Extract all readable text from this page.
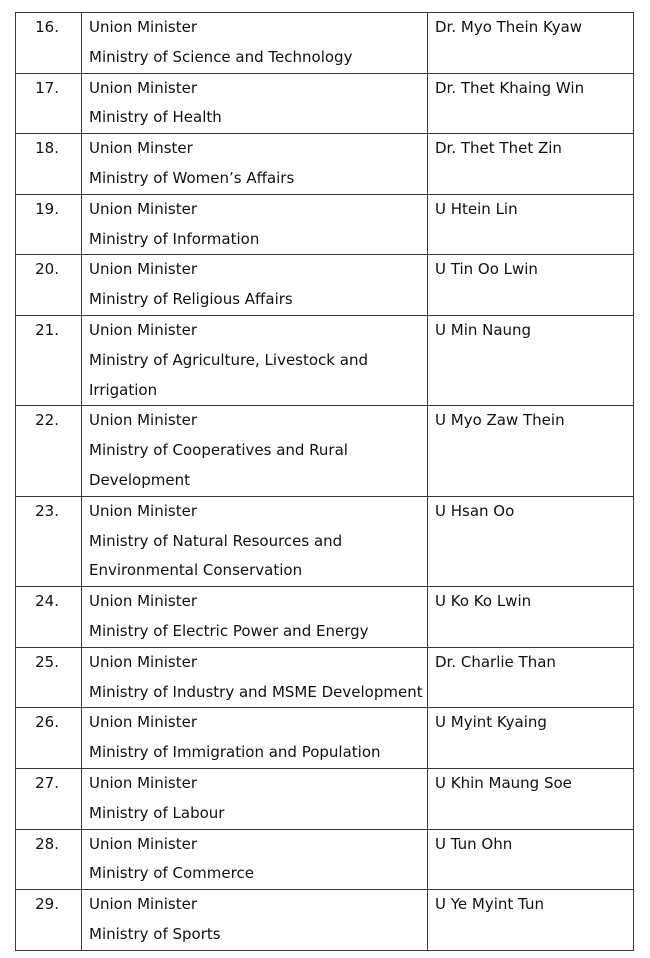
16.	Union Minister
Ministry of Science and Technology	Dr. Myo Thein Kyaw
17.	Union Minister
Ministry of Health	Dr. Thet Khaing Win
18.	Union Minster
Ministry of Women’s Affairs	Dr. Thet Thet Zin
19.	Union Minister
Ministry of Information	U Htein Lin
20.	Union Minister
Ministry of Religious Affairs	U Tin Oo Lwin
21.	Union Minister
Ministry of Agriculture, Livestock and
Irrigation	U Min Naung
22.	Union Minister
Ministry of Cooperatives and Rural
Development	U Myo Zaw Thein
23.	Union Minister
Ministry of Natural Resources and
Environmental Conservation	U Hsan Oo
24.	Union Minister
Ministry of Electric Power and Energy	U Ko Ko Lwin
25.	Union Minister
Ministry of Industry and MSME Development	Dr. Charlie Than
26.	Union Minister
Ministry of Immigration and Population	U Myint Kyaing
27.	Union Minister
Ministry of Labour	U Khin Maung Soe
28.	Union Minister
Ministry of Commerce	U Tun Ohn
29.	Union Minister
Ministry of Sports	U Ye Myint Tun
